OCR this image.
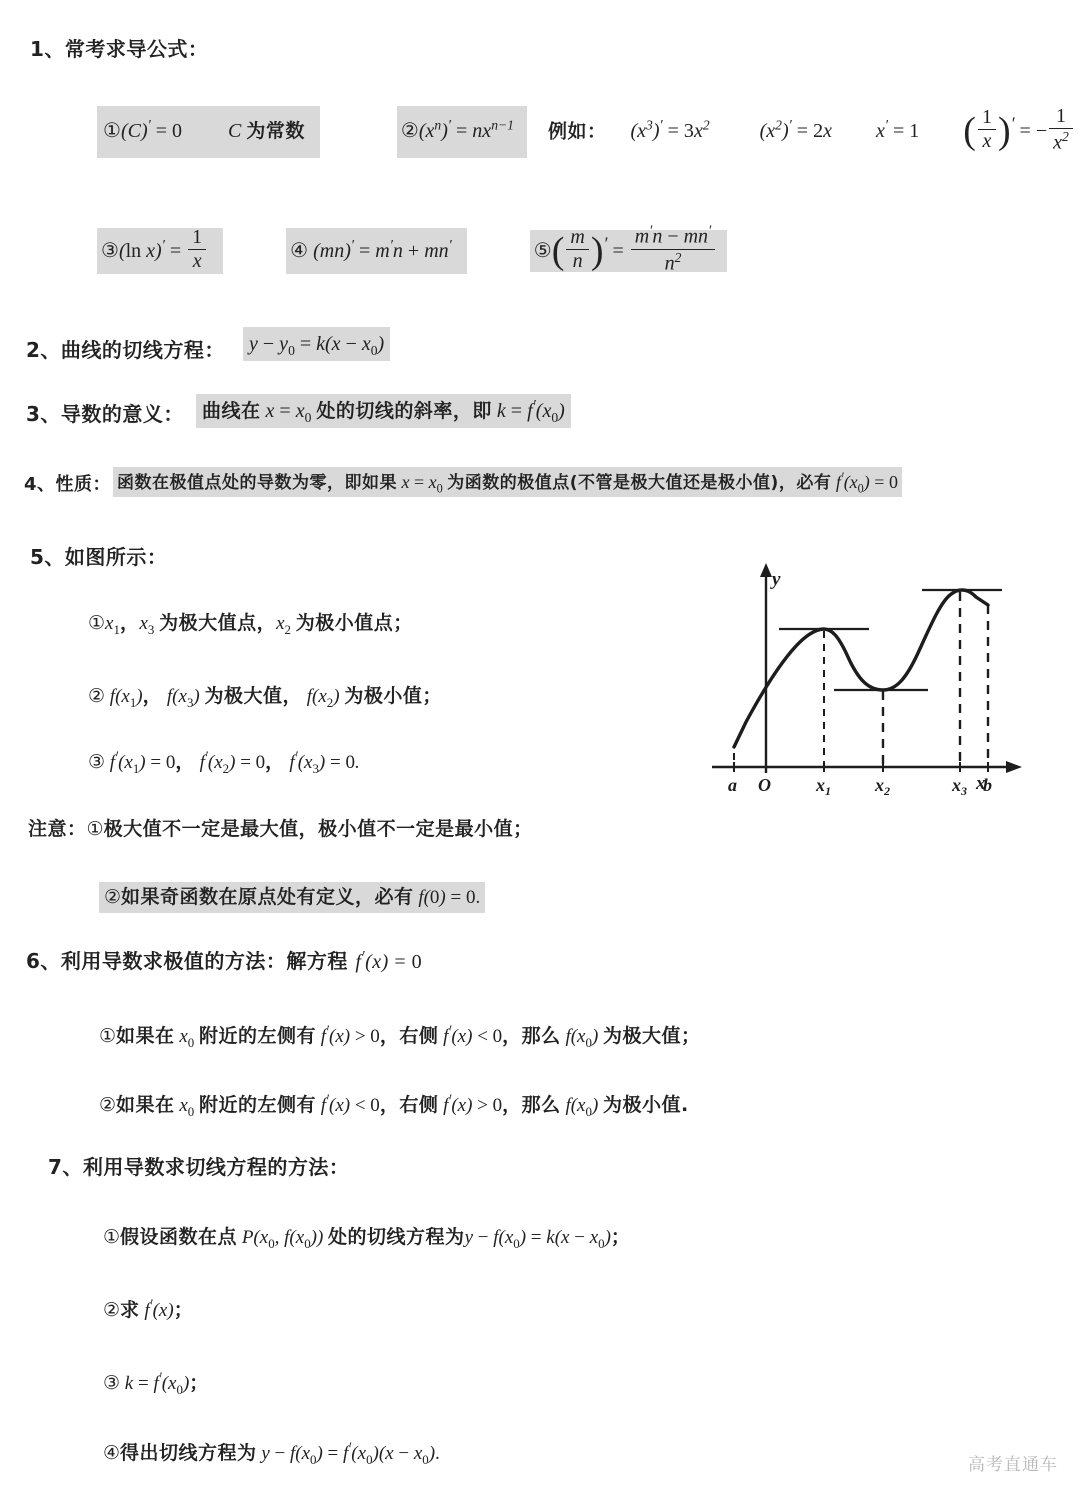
1、常考求导公式：
①(C)′ = 0 C 为常数	$②(x^n)' = nx^{n-1}$ 例如： $(x^3)' = 3x^2$	$(x^2)' = 2x$ x′ = 1 ( $\frac{1}{x} )'$ = − $\frac{1}{x^2}$
③(ln $x)' = \frac{1}{x}$	④ (mn)′ = m′n + mn′	⑤( $\frac{m}{n} )' = \frac{m'n - mn'}{n^2}$
2、曲线的切线方程：	$y - y_0 = k(x - x_0)$
3、导数的意义： 曲线在 $x = x_0$ 处的切线的斜率，即 $k = f'(x_0)$
4、性质： 函数在极值点处的导数为零，即如果 $x = x_0$ 为函数的极值点(不管是极大值还是极小值)，必有 $f'(x_0) = 0$
5、如图所示：
$①x_1$，$x_3$ 为极大值点，$x_2$ 为极小值点；
② $f(x_1)$， $f(x_3)$ 为极大值， $f(x_2)$ 为极小值；
③ $f'(x_1) = 0$， $f'(x_2) = 0$， $f'(x_3) = 0$.
x
y
a O	$x_1$ $x_2$	$x_3$ b
注意：①极大值不一定是最大值，极小值不一定是最小值；
②如果奇函数在原点处有定义，必有 f(0) = 0.
6、利用导数求极值的方法：解方程 f′(x) = 0
①如果在 $x_0$ 附近的左侧有 f′(x) > 0，右侧 f′(x) < 0，那么 $f(x_0)$ 为极大值；
②如果在 $x_0$ 附近的左侧有 f′(x) < 0，右侧 f′(x) > 0，那么 $f(x_0)$ 为极小值.
7、利用导数求切线方程的方法：
①假设函数在点 $P(x_0$, $f(x_0)$) 处的切线方程为$y - f(x_0) = k(x - x_0)$；
②求 f′(x)；
③ $k = f'(x_0)$；
④得出切线方程为 $y - f(x_0) = f'(x_0)(x - x_0)$.
高考直通车
